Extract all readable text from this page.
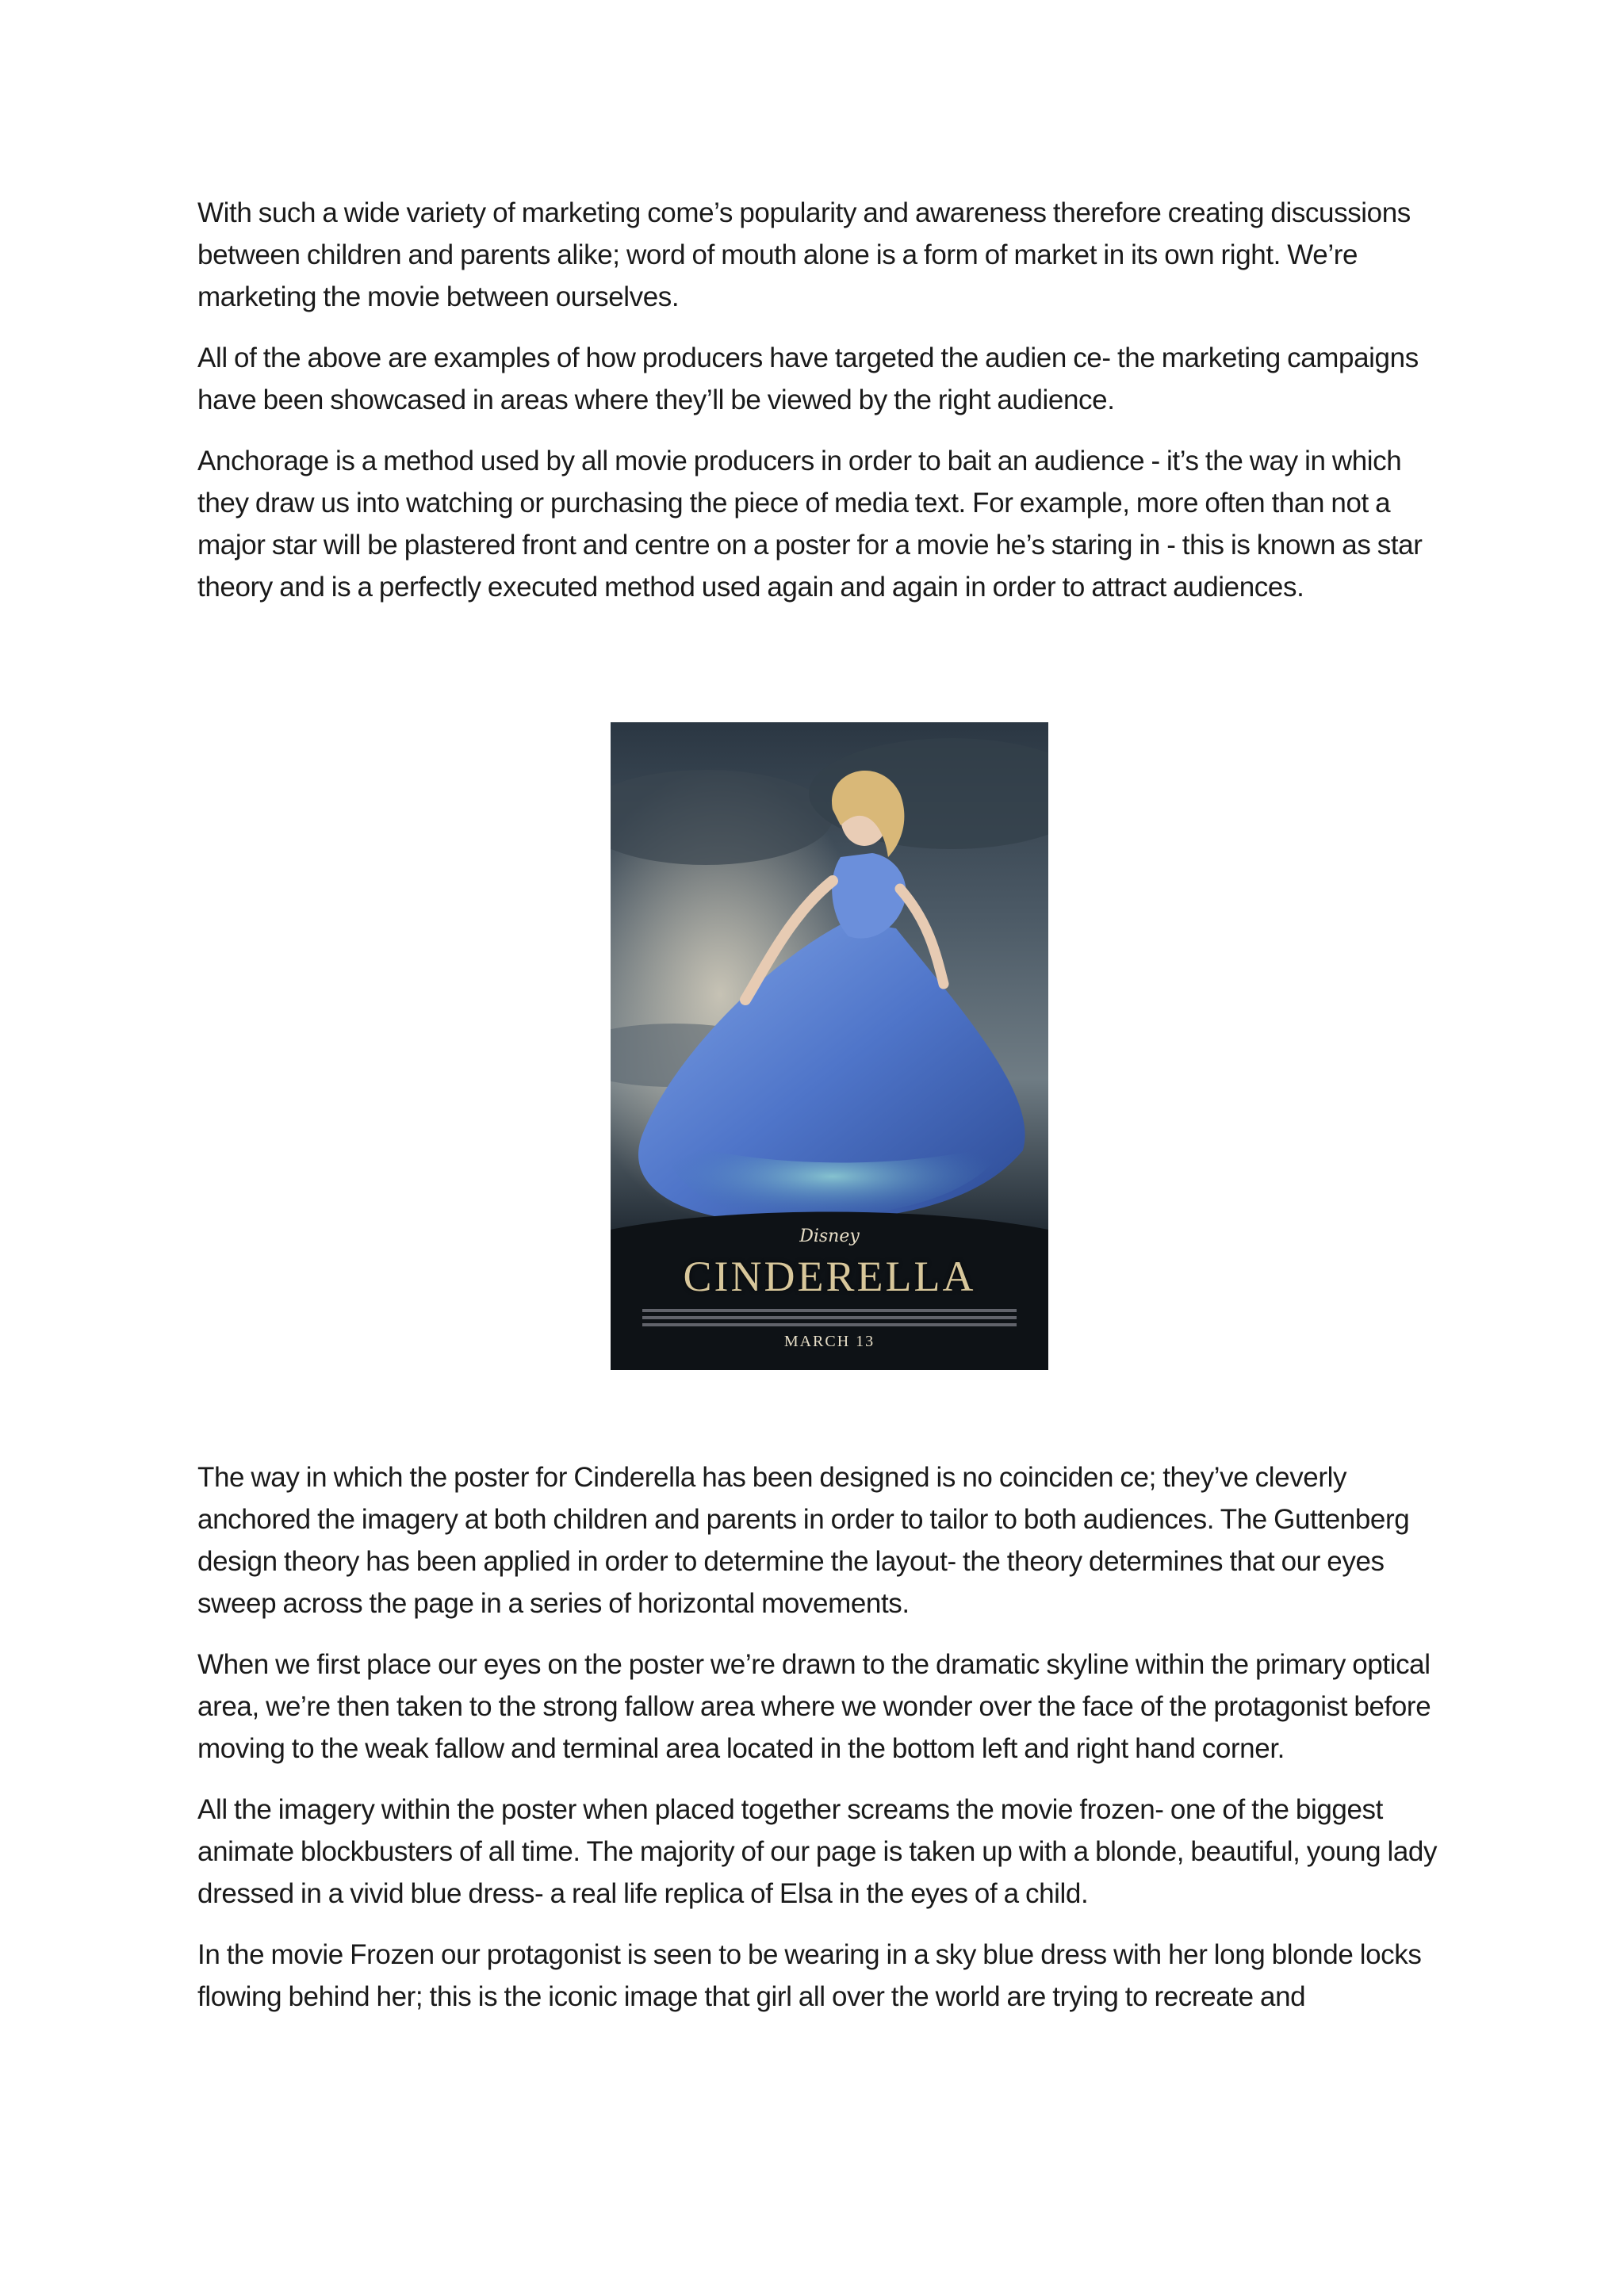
With such a wide variety of marketing come’s popularity and awareness therefore creating discussions between children and parents alike; word of mouth alone is a form of market in its own right. We’re marketing the movie between ourselves.

All of the above are examples of how producers have targeted the audien ce- the marketing campaigns have been showcased in areas where they’ll be viewed by the right audience.

Anchorage is a method used by all movie producers in order to bait an audience - it’s the way in which they draw us into watching or purchasing the piece of media text. For example, more often than not a major star will be plastered front and centre on a poster for a movie he’s staring in - this is known as star theory and is a perfectly executed method used again and again in order to attract audiences.

Disney
CINDERELLA
MARCH 13

The way in which the poster for Cinderella has been designed is no coinciden ce; they’ve cleverly anchored the imagery at both children and parents in order to tailor to both audiences. The Guttenberg design theory has been applied in order to determine the layout- the theory determines that our eyes sweep across the page in a series of horizontal movements.

When we first place our eyes on the poster we’re drawn to the dramatic skyline within the primary optical area, we’re then taken to the strong fallow area where we wonder over the face of the protagonist before moving to the weak fallow and terminal area located in the bottom left and right hand corner.

All the imagery within the poster when placed together screams the movie frozen- one of the biggest animate blockbusters of all time. The majority of our page is taken up with a blonde, beautiful, young lady dressed in a vivid blue dress- a real life replica of Elsa in the eyes of a child.

In the movie Frozen our protagonist is seen to be wearing in a sky blue dress with her long blonde locks flowing behind her; this is the iconic image that girl all over the world are trying to recreate and
